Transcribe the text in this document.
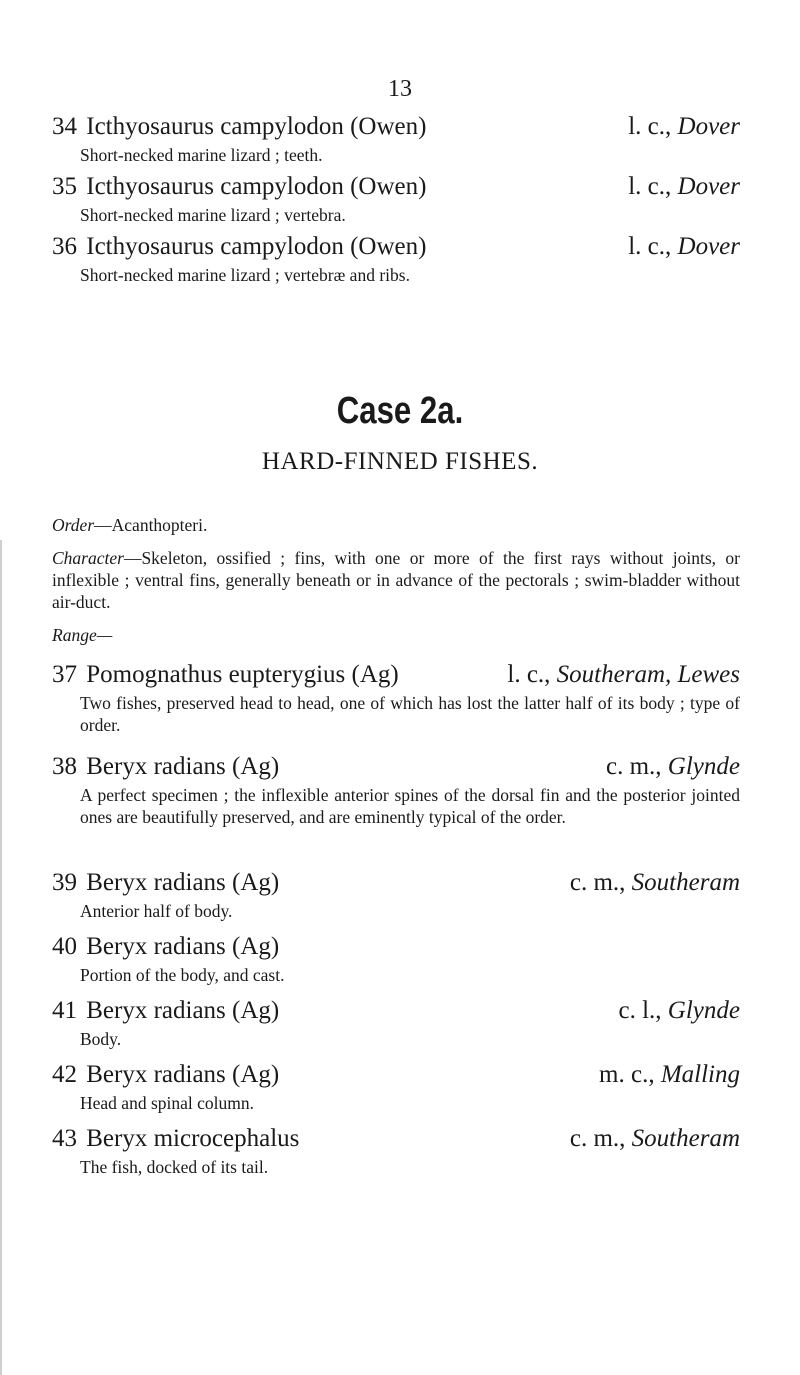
13
34 Icthyosaurus campylodon (Owen)	l. c., Dover
Short-necked marine lizard ; teeth.
35 Icthyosaurus campylodon (Owen)	l. c., Dover
Short-necked marine lizard ; vertebra.
36 Icthyosaurus campylodon (Owen)	l. c., Dover
Short-necked marine lizard ; vertebræ and ribs.
Case 2a.
HARD-FINNED FISHES.
Order—Acanthopteri.
Character—Skeleton, ossified ; fins, with one or more of the first rays without joints, or inflexible ; ventral fins, generally beneath or in advance of the pectorals ; swim-bladder without air-duct.
Range—
37 Pomognathus eupterygius (Ag)	l. c., Southeram, Lewes
Two fishes, preserved head to head, one of which has lost the latter half of its body ; type of order.
38 Beryx radians (Ag)	c. m., Glynde
A perfect specimen ; the inflexible anterior spines of the dorsal fin and the posterior jointed ones are beautifully preserved, and are eminently typical of the order.
39 Beryx radians (Ag)	c. m., Southeram
Anterior half of body.
40 Beryx radians (Ag)
Portion of the body, and cast.
41 Beryx radians (Ag)	c. l., Glynde
Body.
42 Beryx radians (Ag)	m. c., Malling
Head and spinal column.
43 Beryx microcephalus	c. m., Southeram
The fish, docked of its tail.
